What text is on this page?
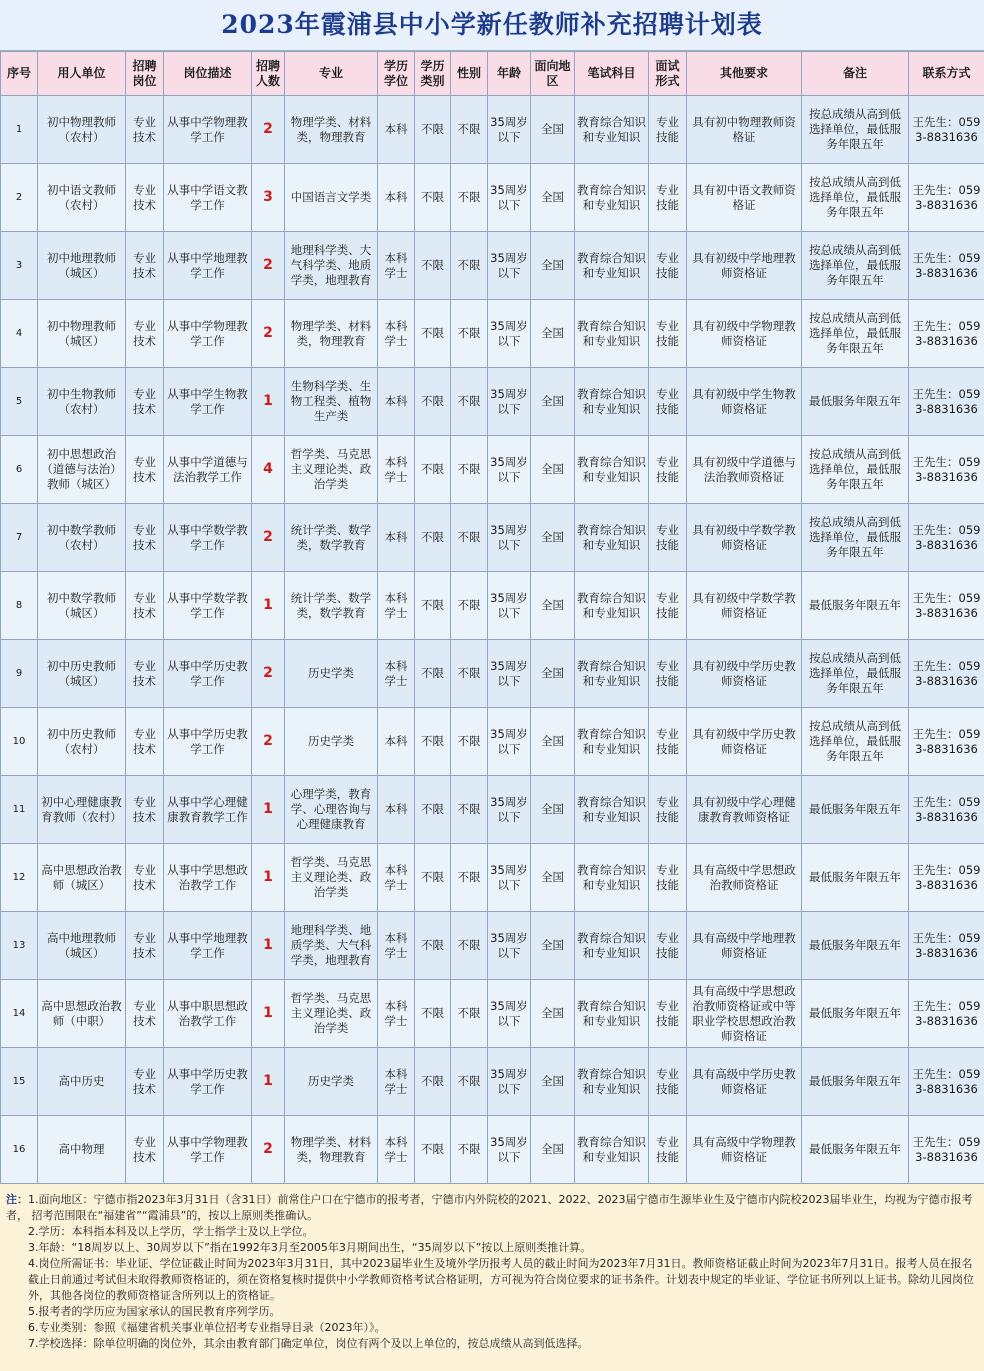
2023年霞浦县中小学新任教师补充招聘计划表
序号	用人单位	招聘岗位	岗位描述	招聘人数	专业	学历学位	学历类别	性别	年龄	面向地区	笔试科目	面试形式	其他要求	备注	联系方式
1	初中物理教师（农村）	专业技术	从事中学物理教学工作	2	物理学类、材料类，物理教育	本科	不限	不限	35周岁以下	全国	教育综合知识和专业知识	专业技能	具有初中物理教师资格证	按总成绩从高到低选择单位，最低服务年限五年	王先生：0593-8831636
2	初中语文教师（农村）	专业技术	从事中学语文教学工作	3	中国语言文学类	本科	不限	不限	35周岁以下	全国	教育综合知识和专业知识	专业技能	具有初中语文教师资格证	按总成绩从高到低选择单位，最低服务年限五年	王先生：0593-8831636
3	初中地理教师（城区）	专业技术	从事中学地理教学工作	2	地理科学类、大气科学类、地质学类，地理教育	本科学士	不限	不限	35周岁以下	全国	教育综合知识和专业知识	专业技能	具有初级中学地理教师资格证	按总成绩从高到低选择单位，最低服务年限五年	王先生：0593-8831636
4	初中物理教师（城区）	专业技术	从事中学物理教学工作	2	物理学类、材料类，物理教育	本科学士	不限	不限	35周岁以下	全国	教育综合知识和专业知识	专业技能	具有初级中学物理教师资格证	按总成绩从高到低选择单位，最低服务年限五年	王先生：0593-8831636
5	初中生物教师（农村）	专业技术	从事中学生物教学工作	1	生物科学类、生物工程类、植物生产类	本科	不限	不限	35周岁以下	全国	教育综合知识和专业知识	专业技能	具有初级中学生物教师资格证	最低服务年限五年	王先生：0593-8831636
6	初中思想政治（道德与法治）教师（城区）	专业技术	从事中学道德与法治教学工作	4	哲学类、马克思主义理论类、政治学类	本科学士	不限	不限	35周岁以下	全国	教育综合知识和专业知识	专业技能	具有初级中学道德与法治教师资格证	按总成绩从高到低选择单位，最低服务年限五年	王先生：0593-8831636
7	初中数学教师（农村）	专业技术	从事中学数学教学工作	2	统计学类、数学类，数学教育	本科	不限	不限	35周岁以下	全国	教育综合知识和专业知识	专业技能	具有初级中学数学教师资格证	按总成绩从高到低选择单位，最低服务年限五年	王先生：0593-8831636
8	初中数学教师（城区）	专业技术	从事中学数学教学工作	1	统计学类、数学类，数学教育	本科学士	不限	不限	35周岁以下	全国	教育综合知识和专业知识	专业技能	具有初级中学数学教师资格证	最低服务年限五年	王先生：0593-8831636
9	初中历史教师（城区）	专业技术	从事中学历史教学工作	2	历史学类	本科学士	不限	不限	35周岁以下	全国	教育综合知识和专业知识	专业技能	具有初级中学历史教师资格证	按总成绩从高到低选择单位，最低服务年限五年	王先生：0593-8831636
10	初中历史教师（农村）	专业技术	从事中学历史教学工作	2	历史学类	本科	不限	不限	35周岁以下	全国	教育综合知识和专业知识	专业技能	具有初级中学历史教师资格证	按总成绩从高到低选择单位，最低服务年限五年	王先生：0593-8831636
11	初中心理健康教育教师（农村）	专业技术	从事中学心理健康教育教学工作	1	心理学类，教育学、心理咨询与心理健康教育	本科	不限	不限	35周岁以下	全国	教育综合知识和专业知识	专业技能	具有初级中学心理健康教育教师资格证	最低服务年限五年	王先生：0593-8831636
12	高中思想政治教师（城区）	专业技术	从事中学思想政治教学工作	1	哲学类、马克思主义理论类、政治学类	本科学士	不限	不限	35周岁以下	全国	教育综合知识和专业知识	专业技能	具有高级中学思想政治教师资格证	最低服务年限五年	王先生：0593-8831636
13	高中地理教师（城区）	专业技术	从事中学地理教学工作	1	地理科学类、地质学类、大气科学类，地理教育	本科学士	不限	不限	35周岁以下	全国	教育综合知识和专业知识	专业技能	具有高级中学地理教师资格证	最低服务年限五年	王先生：0593-8831636
14	高中思想政治教师（中职）	专业技术	从事中职思想政治教学工作	1	哲学类、马克思主义理论类、政治学类	本科学士	不限	不限	35周岁以下	全国	教育综合知识和专业知识	专业技能	具有高级中学思想政治教师资格证或中等职业学校思想政治教师资格证	最低服务年限五年	王先生：0593-8831636
15	高中历史	专业技术	从事中学历史教学工作	1	历史学类	本科学士	不限	不限	35周岁以下	全国	教育综合知识和专业知识	专业技能	具有高级中学历史教师资格证	最低服务年限五年	王先生：0593-8831636
16	高中物理	专业技术	从事中学物理教学工作	2	物理学类、材料类，物理教育	本科学士	不限	不限	35周岁以下	全国	教育综合知识和专业知识	专业技能	具有高级中学物理教师资格证	最低服务年限五年	王先生：0593-8831636

注：1.面向地区：宁德市指2023年3月31日（含31日）前常住户口在宁德市的报考者，宁德市内外院校的2021、2022、2023届宁德市生源毕业生及宁德市内院校2023届毕业生，均视为宁德市报考者， 招考范围限在“福建省”“霞浦县”的，按以上原则类推确认。

2.学历：本科指本科及以上学历，学士指学士及以上学位。

3.年龄：“18周岁以上、30周岁以下”指在1992年3月至2005年3月期间出生，“35周岁以下”按以上原则类推计算。

4.岗位所需证书：毕业证、学位证截止时间为2023年3月31日，其中2023届毕业生及境外学历报考人员的截止时间为2023年7月31日。教师资格证截止时间为2023年7月31日。报考人员在报名截止日前通过考试但未取得教师资格证的，须在资格复核时提供中小学教师资格考试合格证明，方可视为符合岗位要求的证书条件。计划表中规定的毕业证、学位证书所列以上证书。除幼儿园岗位外，其他各岗位的教师资格证含所列以上的资格证。

5.报考者的学历应为国家承认的国民教育序列学历。

6.专业类别：参照《福建省机关事业单位招考专业指导目录（2023年）》。

7.学校选择：除单位明确的岗位外，其余由教育部门确定单位，岗位有两个及以上单位的，按总成绩从高到低选择。
